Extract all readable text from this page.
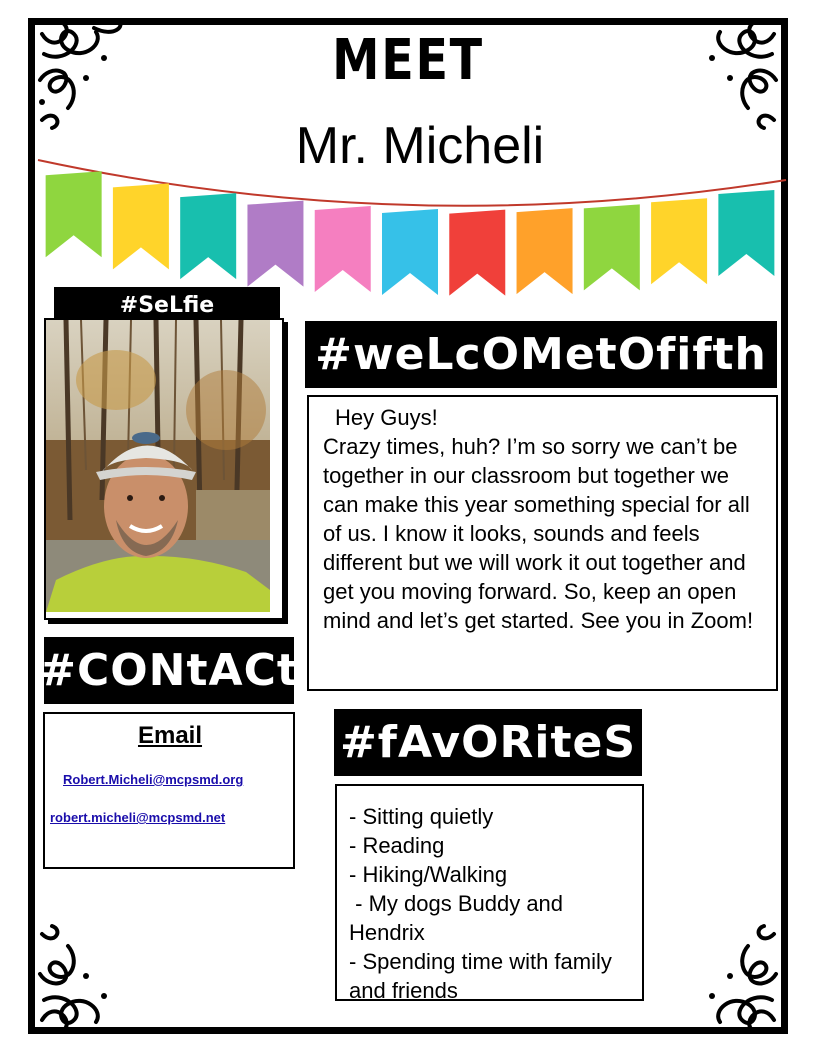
MEET
Mr. Micheli
#SeLfie
#weLcOMetOfifth

Hey Guys!

Crazy times, huh? I’m so sorry we can’t be together in our classroom but together we can make this year something special for all of us. I know it looks, sounds and feels different but we will work it out together and get you moving forward. So, keep an open mind and let’s get started. See you in Zoom!

#CONtACt
Email
Robert.Micheli@mcpsmd.org
robert.micheli@mcpsmd.net
#fAvORiteS
- Sitting quietly
- Reading
- Hiking/Walking
- My dogs Buddy and Hendrix
- Spending time with family and friends
